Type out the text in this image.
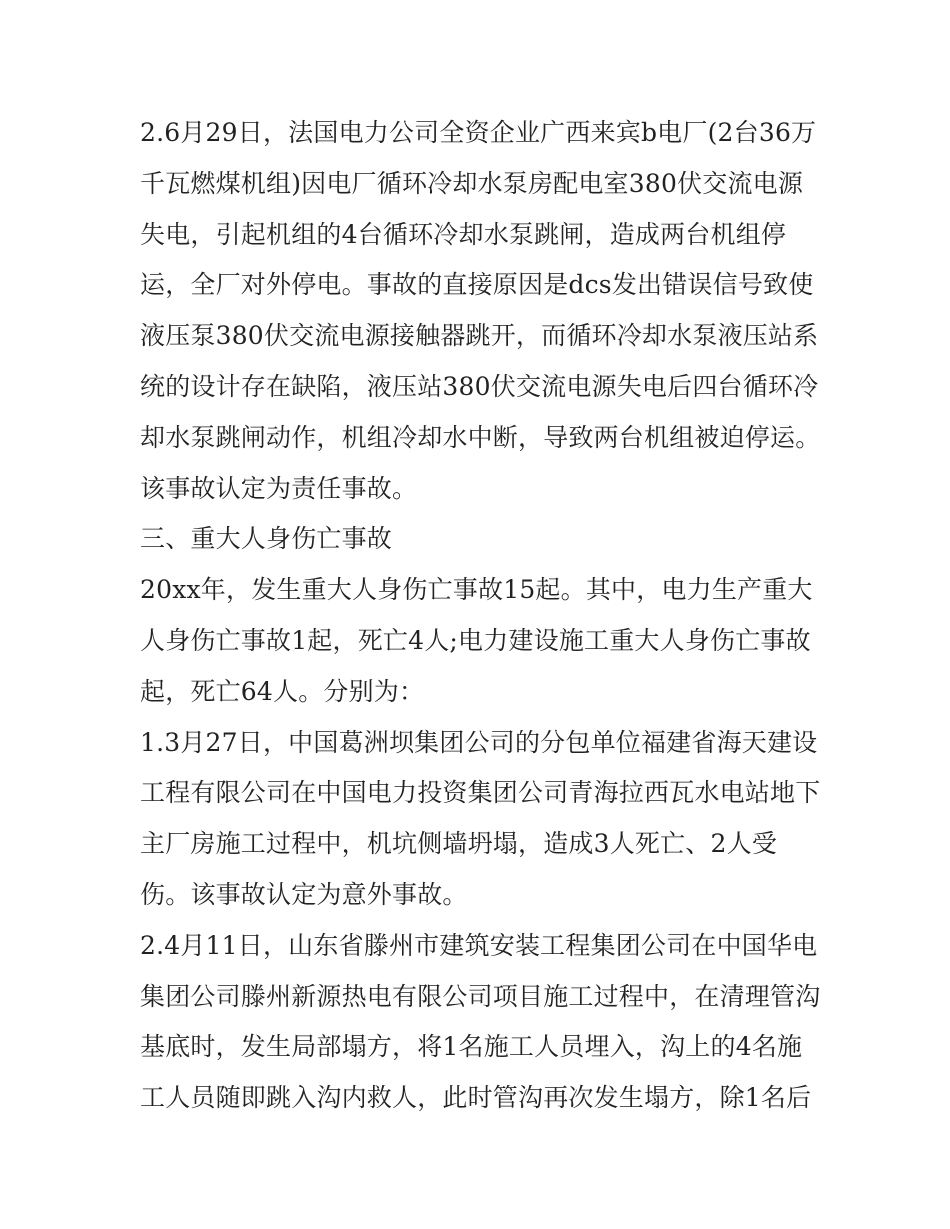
2.6月29日，法国电力公司全资企业广西来宾b电厂(2台36万
千瓦燃煤机组)因电厂循环冷却水泵房配电室380伏交流电源
失电，引起机组的4台循环冷却水泵跳闸，造成两台机组停
运，全厂对外停电。事故的直接原因是dcs发出错误信号致使
液压泵380伏交流电源接触器跳开，而循环冷却水泵液压站系
统的设计存在缺陷，液压站380伏交流电源失电后四台循环冷
却水泵跳闸动作，机组冷却水中断，导致两台机组被迫停运。
该事故认定为责任事故。
三、重大人身伤亡事故
20xx年，发生重大人身伤亡事故15起。其中，电力生产重大
人身伤亡事故1起，死亡4人;电力建设施工重大人身伤亡事故
起，死亡64人。分别为：
1.3月27日，中国葛洲坝集团公司的分包单位福建省海天建设
工程有限公司在中国电力投资集团公司青海拉西瓦水电站地下
主厂房施工过程中，机坑侧墙坍塌，造成3人死亡、2人受
伤。该事故认定为意外事故。
2.4月11日，山东省滕州市建筑安装工程集团公司在中国华电
集团公司滕州新源热电有限公司项目施工过程中，在清理管沟
基底时，发生局部塌方，将1名施工人员埋入，沟上的4名施
工人员随即跳入沟内救人，此时管沟再次发生塌方，除1名后
